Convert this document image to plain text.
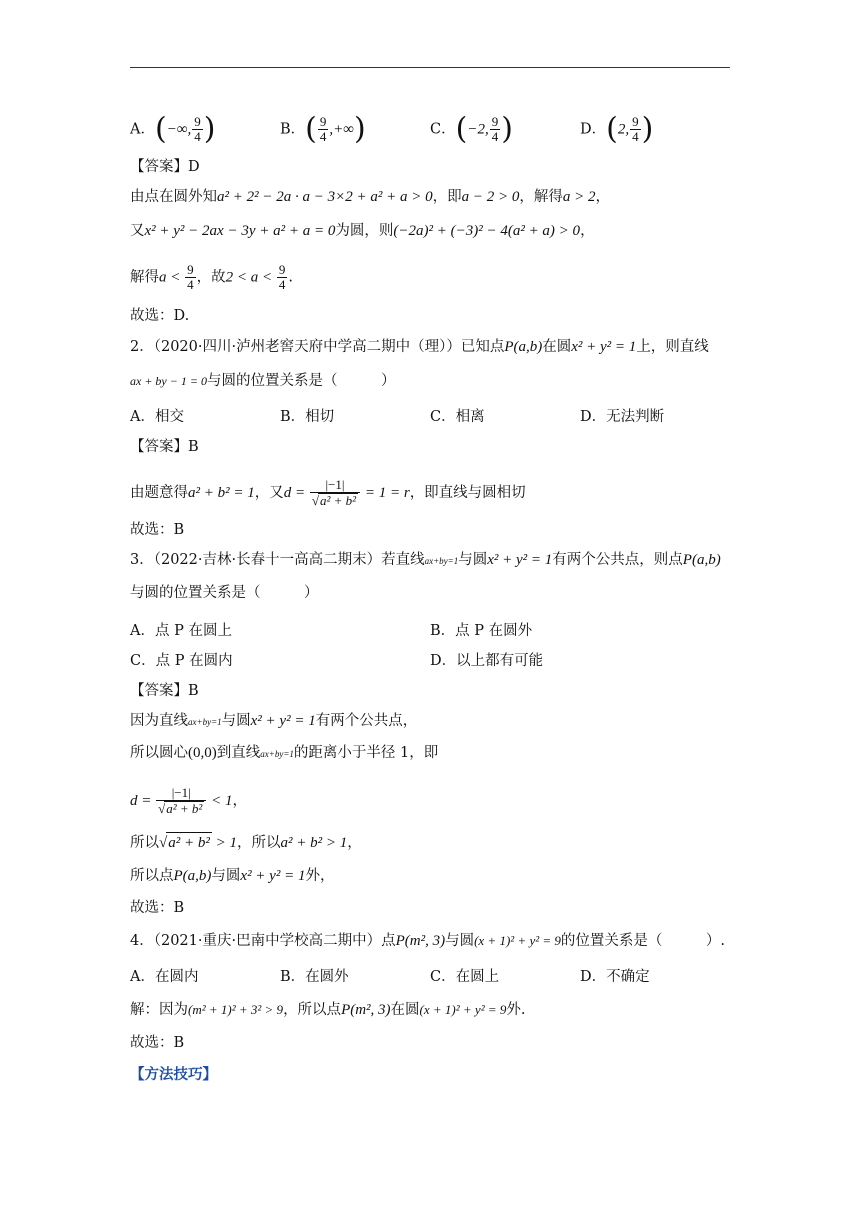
A．(−∞, $\frac{9}{4}$ )	B．( $\frac{9}{4}$ ,+∞)	C．(−2, $\frac{9}{4}$ )	D．(2, $\frac{9}{4}$ )
【答案】D
由点在圆外知a² + 2² − 2a · a − 3×2 + a² + a > 0，即a − 2 > 0，解得a > 2，
又x² + y² − 2ax − 3y + a² + a = 0为圆，则(−2a)² + (−3)² − 4(a² + a) > 0，
解得$a < \frac{9}{4}$ ，故$2 < a < \frac{9}{4}$ .
故选：D.
2．（2020·四川·泸州老窖天府中学高二期中（理））已知点P(a,b)在圆x² + y² = 1上，则直线
ax + by − 1 = 0与圆的位置关系是（　　　）
A．相交	B．相切	C．相离	D．无法判断
【答案】B
由题意得a² + b² = 1，又$d = \frac{|-1|}{\text{√a² + b²}} = 1 = r$，即直线与圆相切
故选：B
3．（2022·吉林·长春十一高高二期末）若直线ax+by=1与圆x² + y² = 1有两个公共点，则点P(a,b)
与圆的位置关系是（　　　）
A．点 P 在圆上	B．点 P 在圆外
C．点 P 在圆内	D．以上都有可能
【答案】B
因为直线ax+by=1与圆x² + y² = 1有两个公共点，
所以圆心(0,0)到直线ax+by=1的距离小于半径 1，即
$d = \frac{|-1|}{\text{√a² + b²}} < 1$，
所以√a² + b² > 1，所以a² + b² > 1，
所以点P(a,b)与圆x² + y² = 1外，
故选：B
4．（2021·重庆·巴南中学校高二期中）点P(m², 3)与圆(x + 1)² + y² = 9的位置关系是（　　　）.
A．在圆内	B．在圆外	C．在圆上	D．不确定
解：因为(m² + 1)² + 3² > 9，所以点P(m², 3)在圆(x + 1)² + y² = 9外.
故选：B
【方法技巧】
